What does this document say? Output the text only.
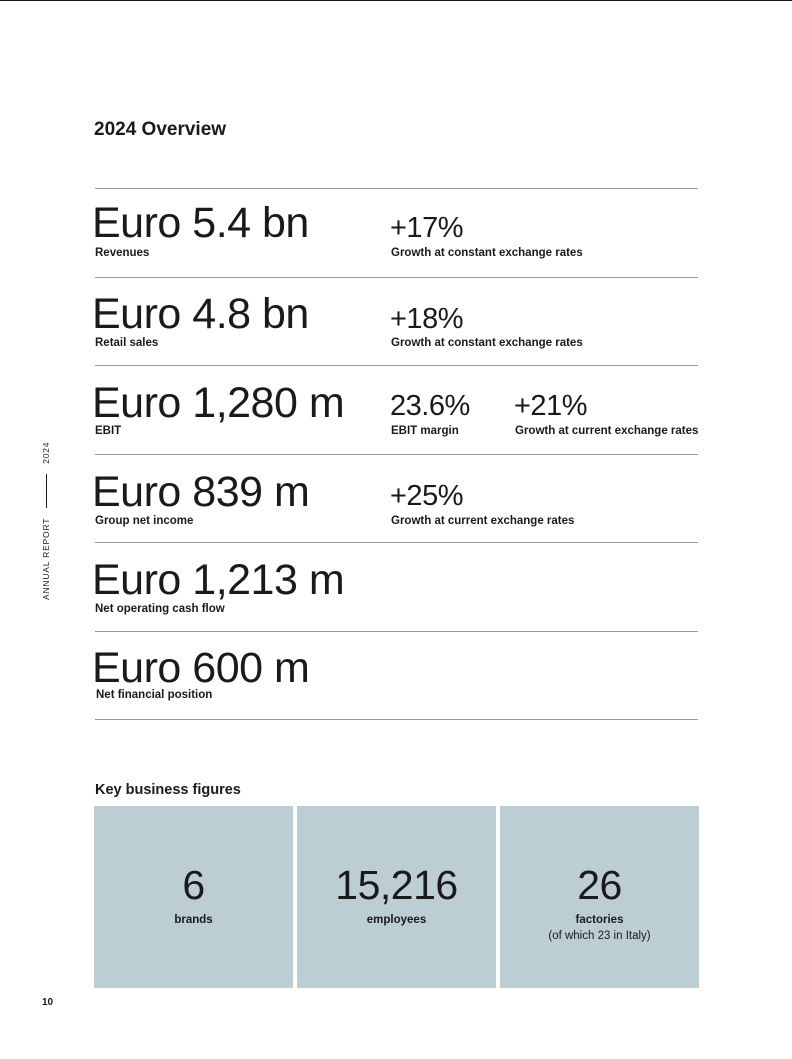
ANNUAL REPORT
2024
2024 Overview
Euro 5.4 bn
Revenues
+17%
Growth at constant exchange rates
Euro 4.8 bn
Retail sales
+18%
Growth at constant exchange rates
Euro 1,280 m
EBIT
23.6%
EBIT margin
+21%
Growth at current exchange rates
Euro 839 m
Group net income
+25%
Growth at current exchange rates
Euro 1,213 m
Net operating cash flow
Euro 600 m
Net financial position
Key business figures
6
brands
15,216
employees
26
factories
(of which 23 in Italy)
10
